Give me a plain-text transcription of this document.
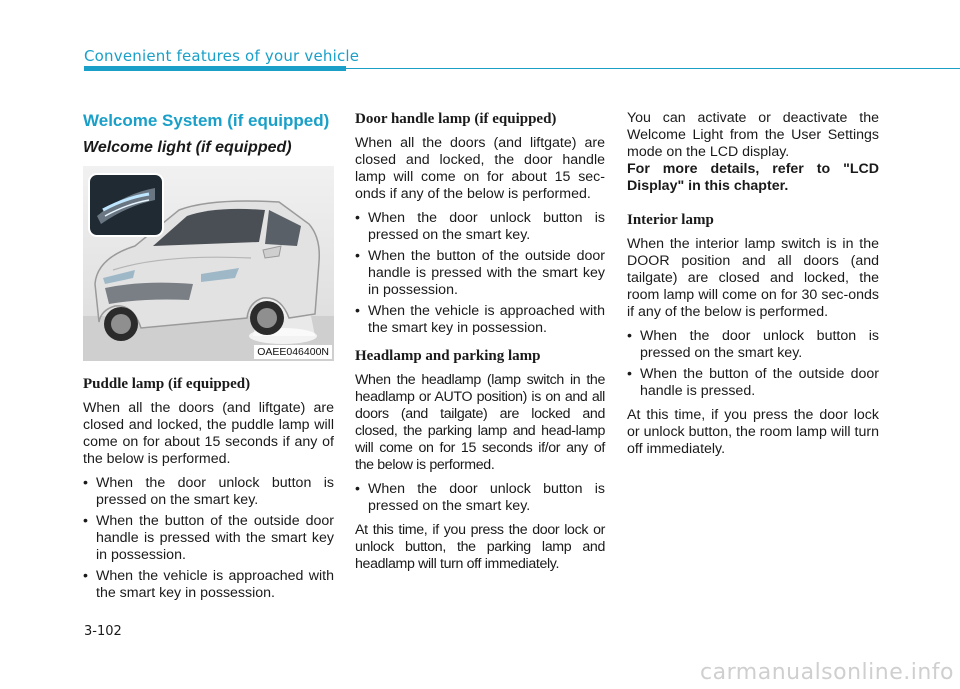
Convenient features of your vehicle
Welcome System (if equipped)
Welcome light (if equipped)
OAEE046400N
Puddle lamp (if equipped)

When all the doors (and liftgate) are closed and locked, the puddle lamp will come on for about 15 seconds if any of the below is performed.

• When the door unlock button is pressed on the smart key.
• When the button of the outside door handle is pressed with the smart key in possession.
• When the vehicle is approached with the smart key in possession.
Door handle lamp (if equipped)

When all the doors (and liftgate) are closed and locked, the door handle lamp will come on for about 15 sec-onds if any of the below is performed.

• When the door unlock button is pressed on the smart key.
• When the button of the outside door handle is pressed with the smart key in possession.
• When the vehicle is approached with the smart key in possession.
Headlamp and parking lamp

When the headlamp (lamp switch in the headlamp or AUTO position) is on and all doors (and tailgate) are locked and closed, the parking lamp and head-lamp will come on for 15 seconds if/or any of the below is performed.

• When the door unlock button is pressed on the smart key.

At this time, if you press the door lock or unlock button, the parking lamp and headlamp will turn off immediately.

You can activate or deactivate the Welcome Light from the User Settings mode on the LCD display.

For more details, refer to "LCD Display" in this chapter.

Interior lamp

When the interior lamp switch is in the DOOR position and all doors (and tailgate) are closed and locked, the room lamp will come on for 30 sec-onds if any of the below is performed.

• When the door unlock button is pressed on the smart key.
• When the button of the outside door handle is pressed.

At this time, if you press the door lock or unlock button, the room lamp will turn off immediately.

3-102
carmanualsonline.info
